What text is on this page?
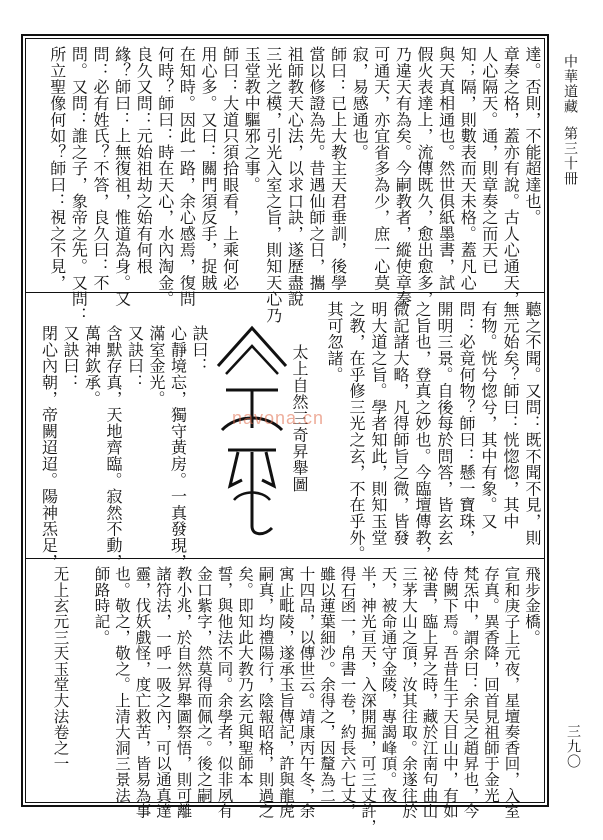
中華道藏第三十冊
三九〇
達。否則，不能超達也。
章奏之格，蓋亦有說。古人心通天，
人心隔天。通，則章奏之而天已
知；隔，則數表而天未格。蓋凡心
與天真相通也。然世俱紙墨書，試
假火表達上，流傳既久，愈出愈多，
乃違天有為矣。今嗣教者，縱使章奏
可通天，亦宜省多為少，庶一心莫
寂，易感通也。
師曰：已上大教主天君垂訓，後學
當以修證為先。昔遇仙師之日，攜
祖師教天心法，以求口訣，遂歷盡說
三光之模，引光入室之旨，則知天心乃
玉堂教中驅邪之事。
師曰：大道只須拾眼看，上乘何必
用心多。又曰：關門須反手，捉賊
在知時。因此一路，余心感焉，復問
何時？師曰：時在天心，水內淘金。
良久又問：元始祖劫之始有何根
緣？師曰：上無復祖，惟道為身。又
問：必有姓氏？不答，良久曰：不
問。又問：誰之子，象帝之先。又問：
所立聖像何如？師曰：視之不見，
聽之不聞。又問：既不聞不見，則
無元始矣？師曰：恍惚惚，其中
有物。恍兮惚兮，其中有象。又
問：必竟何物？師曰：懸一寶珠，
開明三景。自後每於問答，皆玄玄
之旨也，登真之妙也。今臨壇傳教，
微記諸大略，凡得師旨之微，皆發
明大道之旨。學者知此，則知玉堂
之教，在乎修三光之玄，不在乎外。
其可忽諸。
訣曰：
心靜境忘，獨守黃房。一真發現，
滿室金光。
又訣曰：
含默存真，天地齊臨。寂然不動，
萬神欽承。
又訣曰：
閉心內朝，帝闕迢迢。陽神炁足，
飛步金橋。
宣和庚子上元夜，星壇奏香回，入室
存真。異香降，回首見祖師于金光
梵炁中，謂余曰：余吴之趙昇也，今
侍闕下焉。吾昔生于天目山中，有如
祕書，臨上昇之時，藏於江南句曲山
三茅大山之頂，汝其往取。余遂往於
天，被命通守金陵，專謁峰頂。夜
半，神光亘天，入深開掘，可三丈許，
得石函一，帛書一卷，約長六七丈，
雖以蓮葉細沙。余得之，因釐為二
十四品，以傳世云。靖康丙午冬，余
寓止毗陵，遂承玉旨傳記，許與龍虎
嗣真，均禮陽行，陰報昭格，則過之
矣。即知此大教乃玄元與聖師本
誓，與他法不同。余學者，似非夙有
金口紫字，然莫得而佩之。後之嗣
教小兆，於自然昇舉圖祭悟，則可離
諸符法，一呼一吸之內，可以通真達
靈，伐妖戲怪，度亡救苦，皆易為事
也。敬之，敬之。上清大洞三景法
師路時記。
无上玄元三天玉堂大法卷之一
太上自然三奇昇舉圖
navona.cn
